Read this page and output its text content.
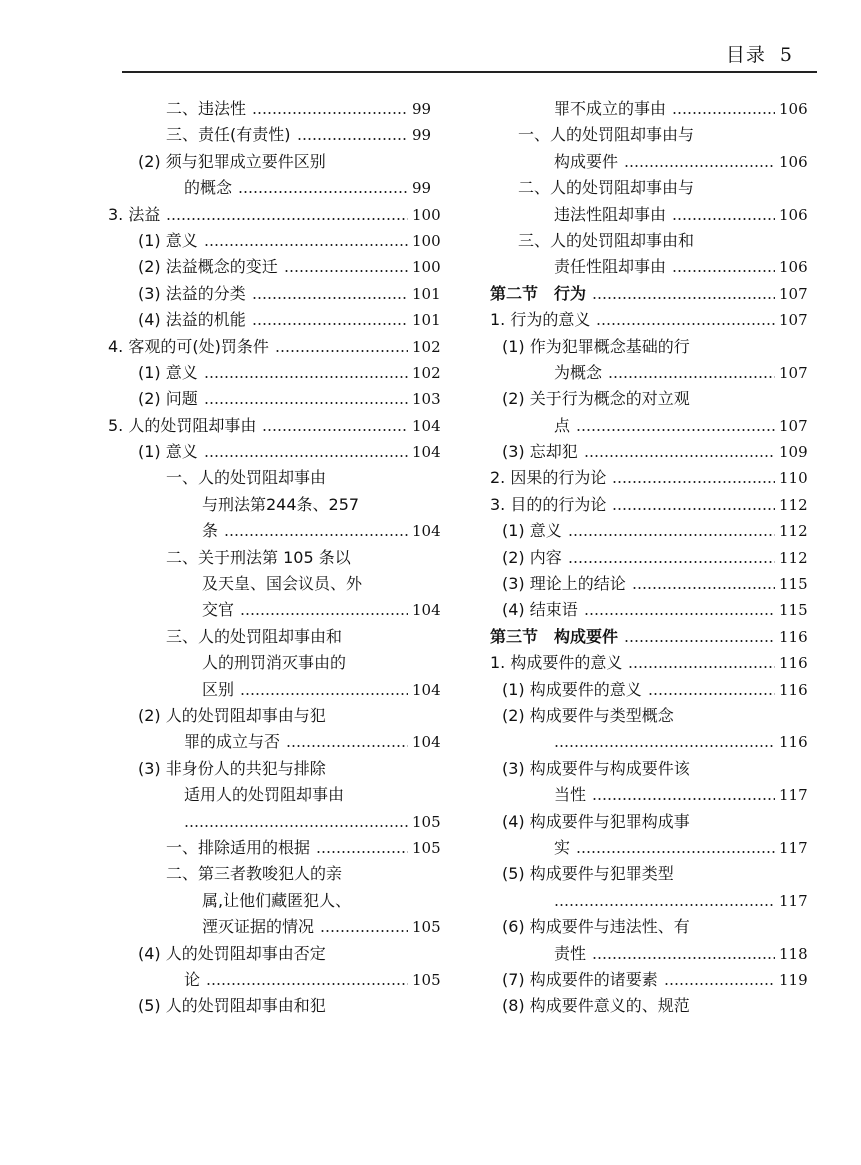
目录 5
二、违法性	99
三、责任(有责性)	99
(2) 须与犯罪成立要件区别
的概念	99
3. 法益	100
(1) 意义	100
(2) 法益概念的变迁	100
(3) 法益的分类	101
(4) 法益的机能	101
4. 客观的可(处)罚条件	102
(1) 意义	102
(2) 问题	103
5. 人的处罚阻却事由	104
(1) 意义	104
一、人的处罚阻却事由
与刑法第244条、257
条	104
二、关于刑法第 105 条以
及天皇、国会议员、外
交官	104
三、人的处罚阻却事由和
人的刑罚消灭事由的
区别	104
(2) 人的处罚阻却事由与犯
罪的成立与否	104
(3) 非身份人的共犯与排除
适用人的处罚阻却事由
105
一、排除适用的根据	105
二、第三者教唆犯人的亲
属,让他们藏匿犯人、
湮灭证据的情况	105
(4) 人的处罚阻却事由否定
论	105
(5) 人的处罚阻却事由和犯
罪不成立的事由	106
一、人的处罚阻却事由与
构成要件	106
二、人的处罚阻却事由与
违法性阻却事由	106
三、人的处罚阻却事由和
责任性阻却事由	106
第二节　行为	107
1. 行为的意义	107
(1) 作为犯罪概念基础的行
为概念	107
(2) 关于行为概念的对立观
点	107
(3) 忘却犯	109
2. 因果的行为论	110
3. 目的的行为论	112
(1) 意义	112
(2) 内容	112
(3) 理论上的结论	115
(4) 结束语	115
第三节　构成要件	116
1. 构成要件的意义	116
(1) 构成要件的意义	116
(2) 构成要件与类型概念
116
(3) 构成要件与构成要件该
当性	117
(4) 构成要件与犯罪构成事
实	117
(5) 构成要件与犯罪类型
117
(6) 构成要件与违法性、有
责性	118
(7) 构成要件的诸要素	119
(8) 构成要件意义的、规范
